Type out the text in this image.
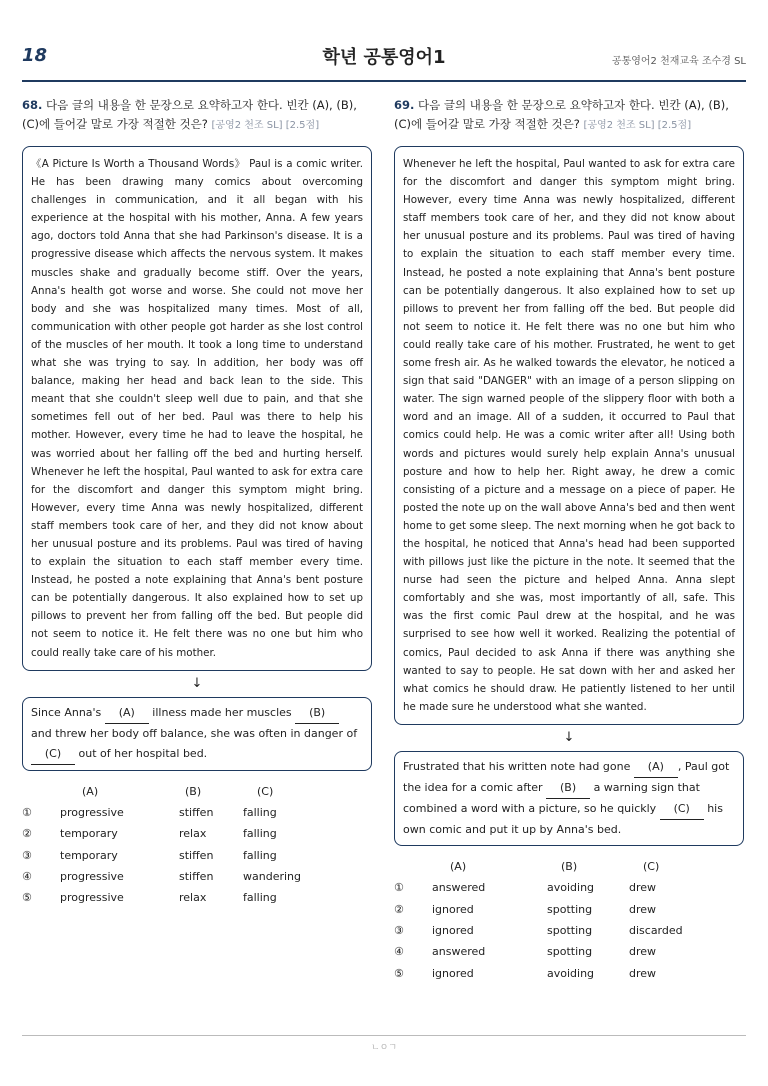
18	학년 공통영어1	공통영어2 천재교육 조수경 SL
68. 다음 글의 내용을 한 문장으로 요약하고자 한다. 빈칸 (A), (B), (C)에 들어갈 말로 가장 적절한 것은? [공영2 천조 SL] [2.5점]
《A Picture Is Worth a Thousand Words》 Paul is a comic writer. He has been drawing many comics about overcoming challenges in communication, and it all began with his experience at the hospital with his mother, Anna. A few years ago, doctors told Anna that she had Parkinson's disease. It is a progressive disease which affects the nervous system. It makes muscles shake and gradually become stiff. Over the years, Anna's health got worse and worse. She could not move her body and she was hospitalized many times. Most of all, communication with other people got harder as she lost control of the muscles of her mouth. It took a long time to understand what she was trying to say. In addition, her body was off balance, making her head and back lean to the side. This meant that she couldn't sleep well due to pain, and that she sometimes fell out of her bed. Paul was there to help his mother. However, every time he had to leave the hospital, he was worried about her falling off the bed and hurting herself. Whenever he left the hospital, Paul wanted to ask for extra care for the discomfort and danger this symptom might bring. However, every time Anna was newly hospitalized, different staff members took care of her, and they did not know about her unusual posture and its problems. Paul was tired of having to explain the situation to each staff member every time. Instead, he posted a note explaining that Anna's bent posture can be potentially dangerous. It also explained how to set up pillows to prevent her from falling off the bed. But people did not seem to notice it. He felt there was no one but him who could really take care of his mother.
↓
Since Anna's (A) illness made her muscles (B) and threw her body off balance, she was often in danger of (C) out of her hospital bed.
	(A)	(B)	(C)
①	progressive	stiffen	falling
②	temporary	relax	falling
③	temporary	stiffen	falling
④	progressive	stiffen	wandering
⑤	progressive	relax	falling
69. 다음 글의 내용을 한 문장으로 요약하고자 한다. 빈칸 (A), (B), (C)에 들어갈 말로 가장 적절한 것은? [공영2 천조 SL] [2.5점]
Whenever he left the hospital, Paul wanted to ask for extra care for the discomfort and danger this symptom might bring. However, every time Anna was newly hospitalized, different staff members took care of her, and they did not know about her unusual posture and its problems. Paul was tired of having to explain the situation to each staff member every time. Instead, he posted a note explaining that Anna's bent posture can be potentially dangerous. It also explained how to set up pillows to prevent her from falling off the bed. But people did not seem to notice it. He felt there was no one but him who could really take care of his mother. Frustrated, he went to get some fresh air. As he walked towards the elevator, he noticed a sign that said "DANGER" with an image of a person slipping on water. The sign warned people of the slippery floor with both a word and an image. All of a sudden, it occurred to Paul that comics could help. He was a comic writer after all! Using both words and pictures would surely help explain Anna's unusual posture and how to help her. Right away, he drew a comic consisting of a picture and a message on a piece of paper. He posted the note up on the wall above Anna's bed and then went home to get some sleep. The next morning when he got back to the hospital, he noticed that Anna's head had been supported with pillows just like the picture in the note. It seemed that the nurse had seen the picture and helped Anna. Anna slept comfortably and she was, most importantly of all, safe. This was the first comic Paul drew at the hospital, and he was surprised to see how well it worked. Realizing the potential of comics, Paul decided to ask Anna if there was anything she wanted to say to people. He sat down with her and asked her what comics he should draw. He patiently listened to her until he made sure he understood what she wanted.
↓
Frustrated that his written note had gone (A) , Paul got the idea for a comic after (B) a warning sign that combined a word with a picture, so he quickly (C) his own comic and put it up by Anna's bed.
	(A)	(B)	(C)
①	answered	avoiding	drew
②	ignored	spotting	drew
③	ignored	spotting	discarded
④	answered	spotting	drew
⑤	ignored	avoiding	drew
ㄴㅇㄱ
